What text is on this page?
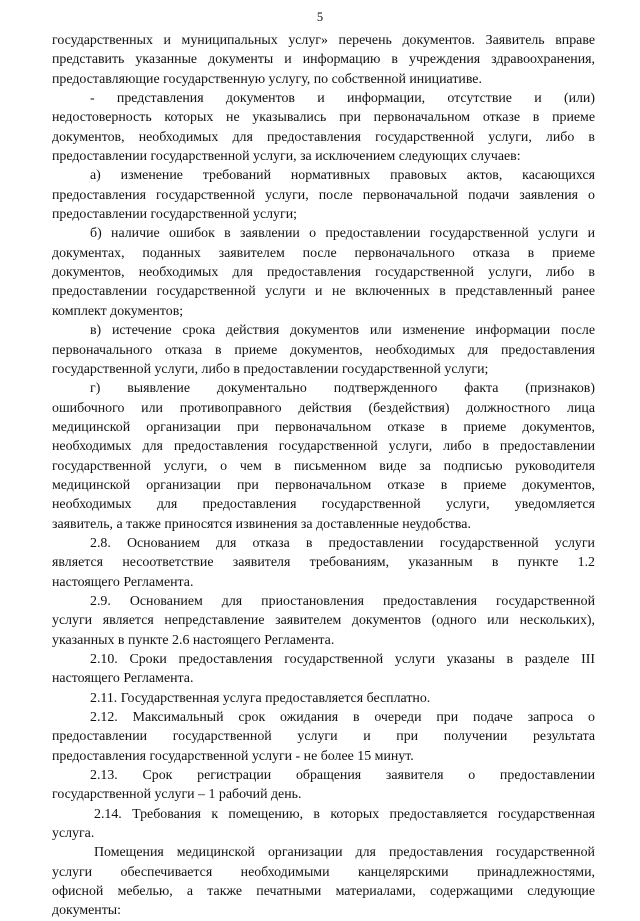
5
государственных и муниципальных услуг» перечень документов. Заявитель вправе
представить указанные документы и информацию в учреждения здравоохранения,
предоставляющие государственную услугу, по собственной инициативе.
- представления документов и информации, отсутствие и (или)
недостоверность которых не указывались при первоначальном отказе в приеме
документов, необходимых для предоставления государственной услуги, либо в
предоставлении государственной услуги, за исключением следующих случаев:
а) изменение требований нормативных правовых актов, касающихся
предоставления государственной услуги, после первоначальной подачи заявления о
предоставлении государственной услуги;
б) наличие ошибок в заявлении о предоставлении государственной услуги и
документах, поданных заявителем после первоначального отказа в приеме
документов, необходимых для предоставления государственной услуги, либо в
предоставлении государственной услуги и не включенных в представленный ранее
комплект документов;
в) истечение срока действия документов или изменение информации после
первоначального отказа в приеме документов, необходимых для предоставления
государственной услуги, либо в предоставлении государственной услуги;
г) выявление документально подтвержденного факта (признаков)
ошибочного или противоправного действия (бездействия) должностного лица
медицинской организации при первоначальном отказе в приеме документов,
необходимых для предоставления государственной услуги, либо в предоставлении
государственной услуги, о чем в письменном виде за подписью руководителя
медицинской организации при первоначальном отказе в приеме документов,
необходимых для предоставления государственной услуги, уведомляется
заявитель, а также приносятся извинения за доставленные неудобства.
2.8. Основанием для отказа в предоставлении государственной услуги
является несоответствие заявителя требованиям, указанным в пункте 1.2
настоящего Регламента.
2.9. Основанием для приостановления предоставления государственной
услуги является непредставление заявителем документов (одного или нескольких),
указанных в пункте 2.6 настоящего Регламента.
2.10. Сроки предоставления государственной услуги указаны в разделе III
настоящего Регламента.
2.11. Государственная услуга предоставляется бесплатно.
2.12. Максимальный срок ожидания в очереди при подаче запроса о
предоставлении государственной услуги и при получении результата
предоставления государственной услуги - не более 15 минут.
2.13. Срок регистрации обращения заявителя о предоставлении
государственной услуги – 1 рабочий день.
2.14. Требования к помещению, в которых предоставляется государственная
услуга.
Помещения медицинской организации для предоставления государственной
услуги обеспечивается необходимыми канцелярскими принадлежностями,
офисной мебелью, а также печатными материалами, содержащими следующие
документы:
